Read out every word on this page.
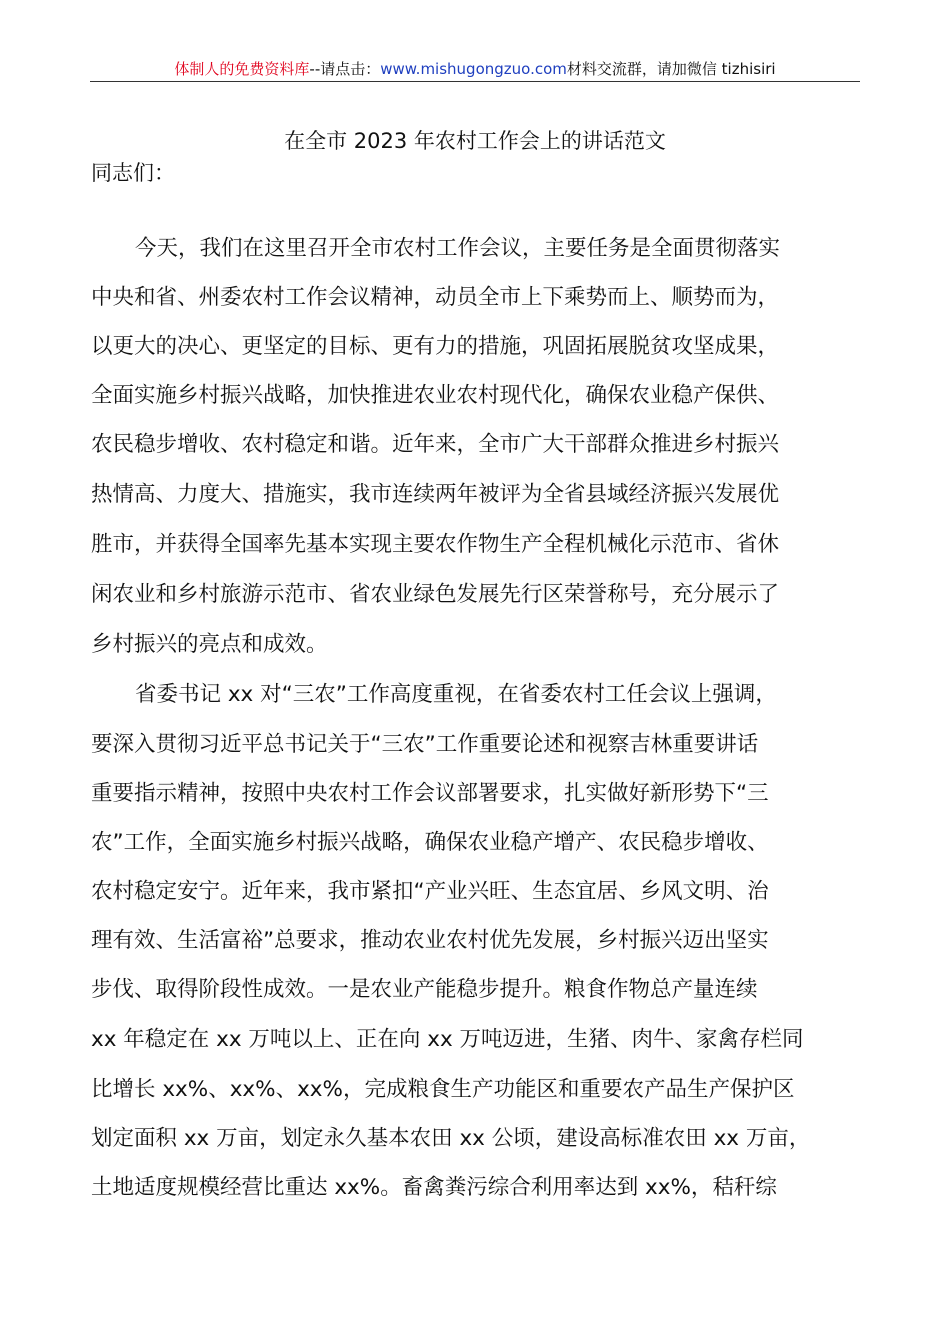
体制人的免费资料库--请点击：www.mishugongzuo.com材料交流群，请加微信 tizhisiri
在全市 2023 年农村工作会上的讲话范文
同志们：
今天，我们在这里召开全市农村工作会议，主要任务是全面贯彻落实
中央和省、州委农村工作会议精神，动员全市上下乘势而上、顺势而为，
以更大的决心、更坚定的目标、更有力的措施，巩固拓展脱贫攻坚成果，
全面实施乡村振兴战略，加快推进农业农村现代化，确保农业稳产保供、
农民稳步增收、农村稳定和谐。近年来，全市广大干部群众推进乡村振兴
热情高、力度大、措施实，我市连续两年被评为全省县域经济振兴发展优
胜市，并获得全国率先基本实现主要农作物生产全程机械化示范市、省休
闲农业和乡村旅游示范市、省农业绿色发展先行区荣誉称号，充分展示了
乡村振兴的亮点和成效。
省委书记 xx 对“三农”工作高度重视，在省委农村工任会议上强调，
要深入贯彻习近平总书记关于“三农”工作重要论述和视察吉林重要讲话
重要指示精神，按照中央农村工作会议部署要求，扎实做好新形势下“三
农”工作，全面实施乡村振兴战略，确保农业稳产增产、农民稳步增收、
农村稳定安宁。近年来，我市紧扣“产业兴旺、生态宜居、乡风文明、治
理有效、生活富裕”总要求，推动农业农村优先发展，乡村振兴迈出坚实
步伐、取得阶段性成效。一是农业产能稳步提升。粮食作物总产量连续
xx 年稳定在 xx 万吨以上、正在向 xx 万吨迈进，生猪、肉牛、家禽存栏同
比增长 xx%、xx%、xx%，完成粮食生产功能区和重要农产品生产保护区
划定面积 xx 万亩，划定永久基本农田 xx 公顷，建设高标准农田 xx 万亩，
土地适度规模经营比重达 xx%。畜禽粪污综合利用率达到 xx%，秸秆综
